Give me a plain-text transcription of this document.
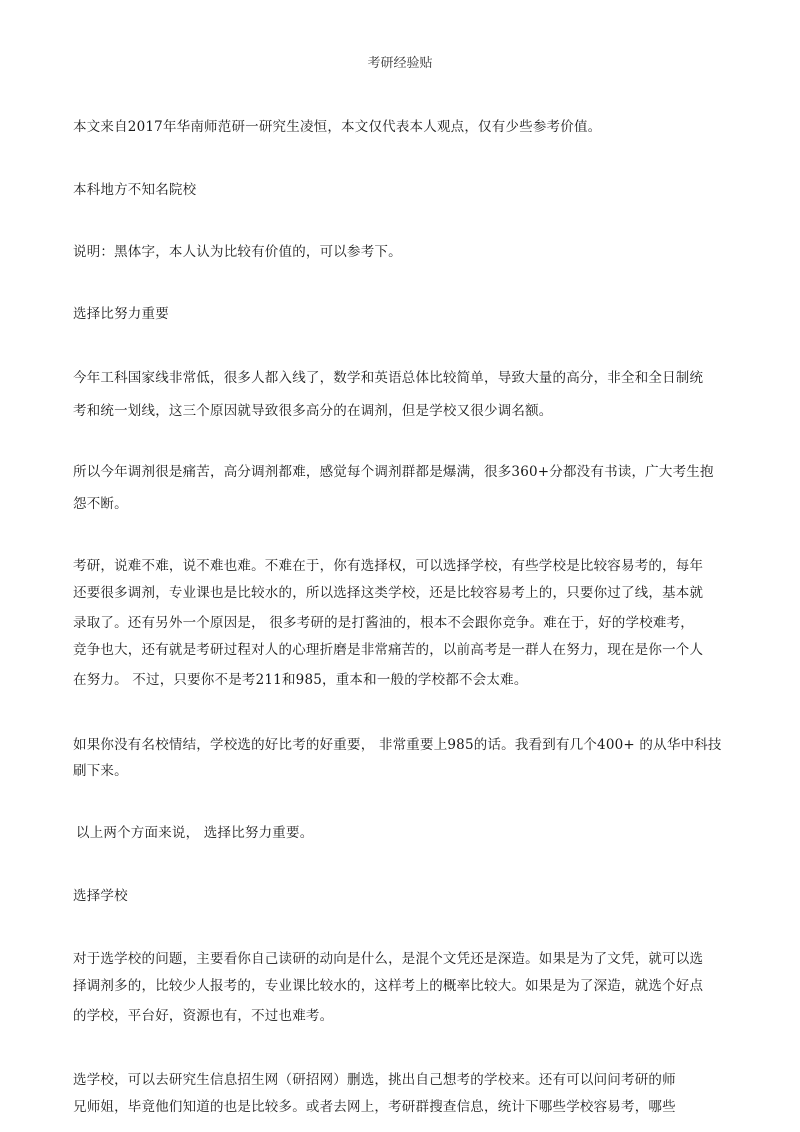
考研经验贴
本文来自2017年华南师范研一研究生凌恒，本文仅代表本人观点，仅有少些参考价值。
本科地方不知名院校
说明：黑体字，本人认为比较有价值的，可以参考下。
选择比努力重要
今年工科国家线非常低，很多人都入线了，数学和英语总体比较简单，导致大量的高分，非全和全日制统
考和统一划线，这三个原因就导致很多高分的在调剂，但是学校又很少调名额。
所以今年调剂很是痛苦，高分调剂都难，感觉每个调剂群都是爆满，很多360+分都没有书读，广大考生抱
怨不断。
考研，说难不难，说不难也难。不难在于，你有选择权，可以选择学校，有些学校是比较容易考的，每年
还要很多调剂，专业课也是比较水的，所以选择这类学校，还是比较容易考上的，只要你过了线，基本就
录取了。还有另外一个原因是， 很多考研的是打酱油的，根本不会跟你竞争。难在于，好的学校难考，
竞争也大，还有就是考研过程对人的心理折磨是非常痛苦的，以前高考是一群人在努力，现在是你一个人
在努力。 不过，只要你不是考211和985，重本和一般的学校都不会太难。
如果你没有名校情结，学校选的好比考的好重要， 非常重要上985的话。我看到有几个400+ 的从华中科技
刷下来。
以上两个方面来说， 选择比努力重要。
选择学校
对于选学校的问题，主要看你自己读研的动向是什么，是混个文凭还是深造。如果是为了文凭，就可以选
择调剂多的，比较少人报考的，专业课比较水的，这样考上的概率比较大。如果是为了深造，就选个好点
的学校，平台好，资源也有，不过也难考。
选学校，可以去研究生信息招生网（研招网）删选，挑出自己想考的学校来。还有可以问问考研的师
兄师姐，毕竟他们知道的也是比较多。或者去网上，考研群搜查信息，统计下哪些学校容易考，哪些
